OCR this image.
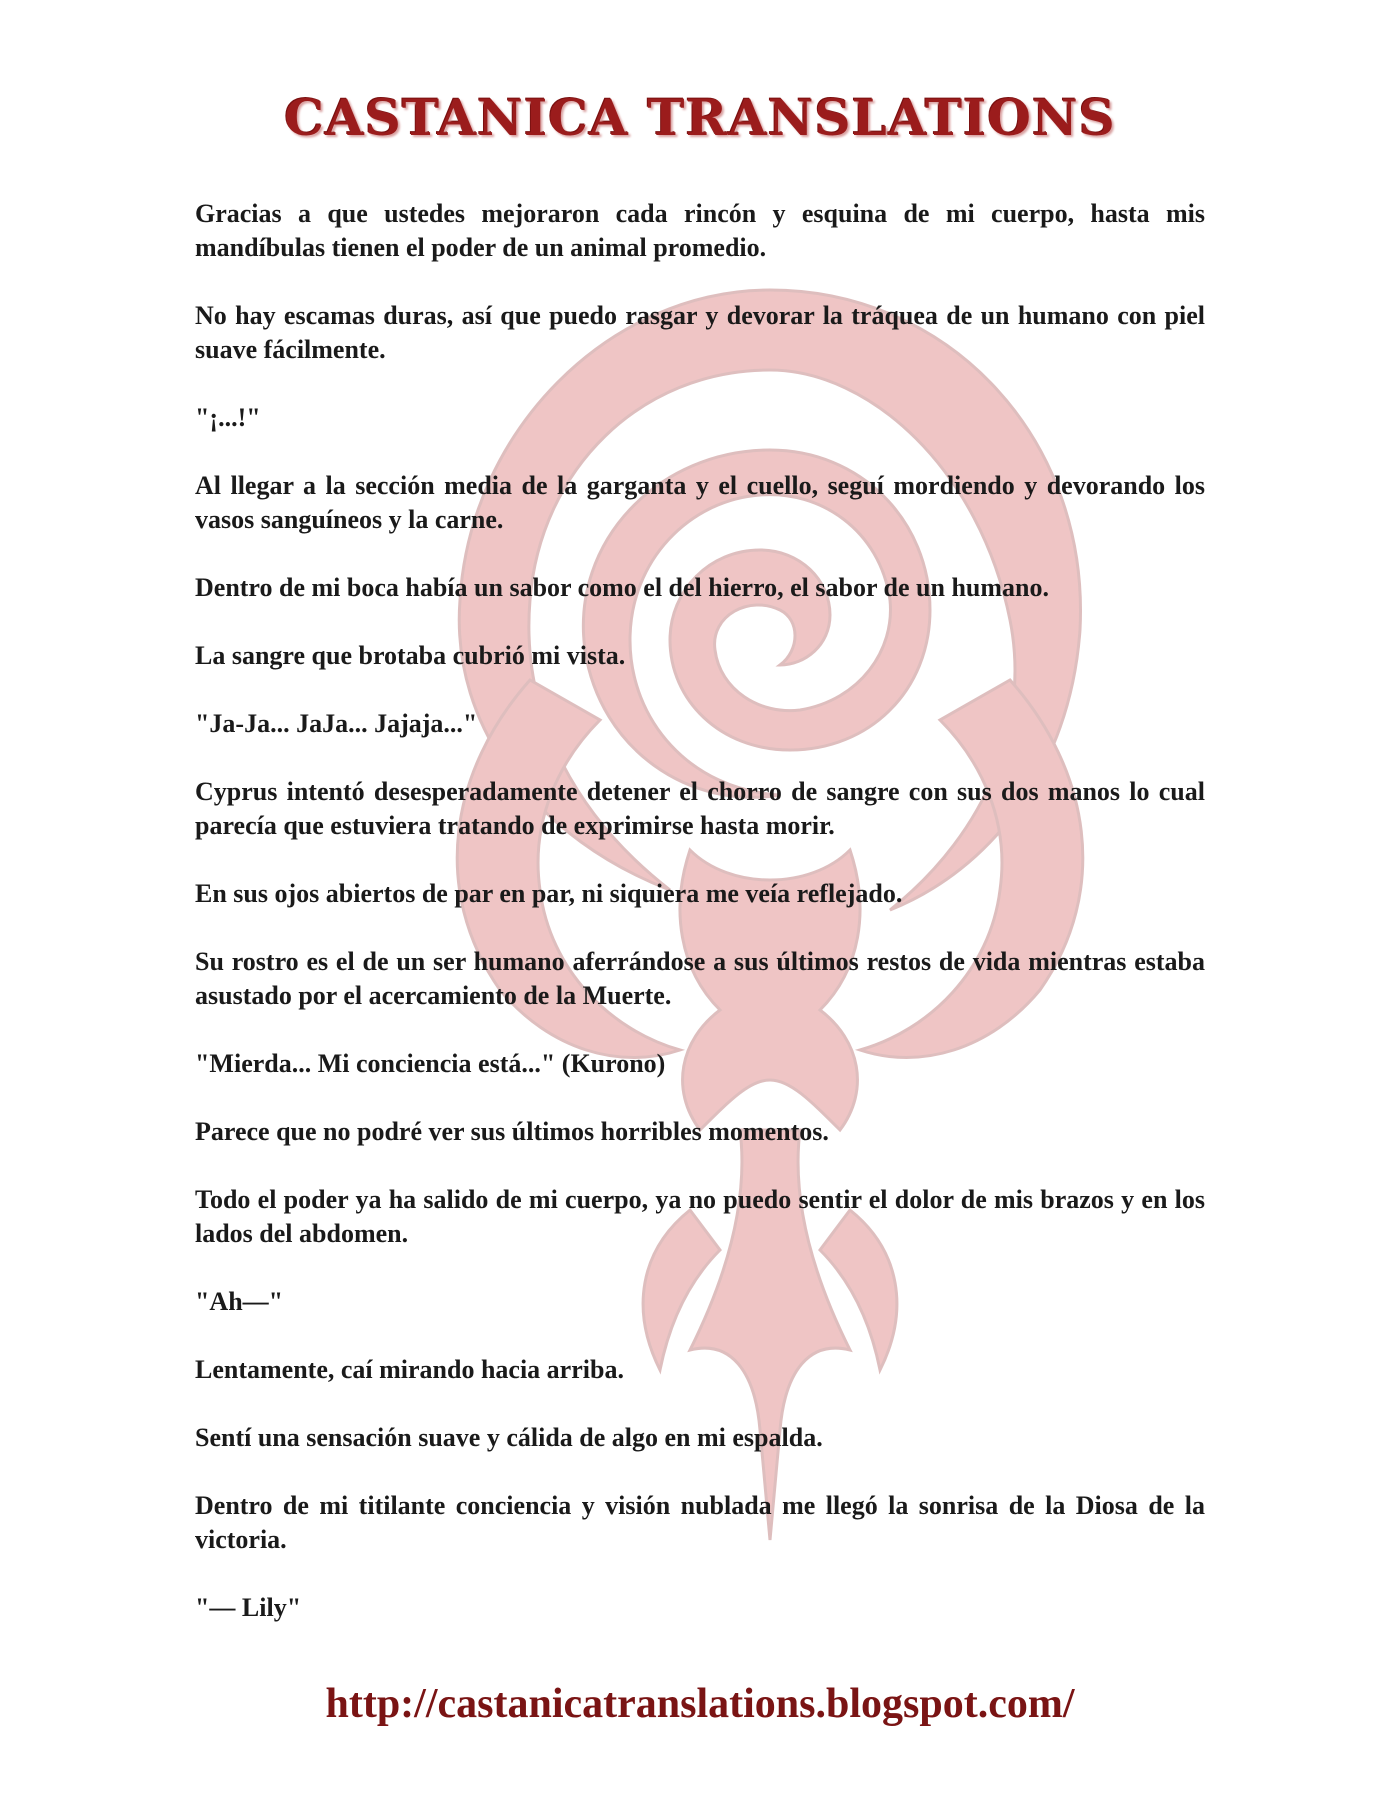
CASTANICA TRANSLATIONS

Gracias a que ustedes mejoraron cada rincón y esquina de mi cuerpo, hasta mis mandíbulas tienen el poder de un animal promedio.

No hay escamas duras, así que puedo rasgar y devorar la tráquea de un humano con piel suave fácilmente.

"¡...!"

Al llegar a la sección media de la garganta y el cuello, seguí mordiendo y devorando los vasos sanguíneos y la carne.

Dentro de mi boca había un sabor como el del hierro, el sabor de un humano.

La sangre que brotaba cubrió mi vista.

"Ja-Ja... JaJa... Jajaja..."

Cyprus intentó desesperadamente detener el chorro de sangre con sus dos manos lo cual parecía que estuviera tratando de exprimirse hasta morir.

En sus ojos abiertos de par en par, ni siquiera me veía reflejado.

Su rostro es el de un ser humano aferrándose a sus últimos restos de vida mientras estaba asustado por el acercamiento de la Muerte.

"Mierda... Mi conciencia está..." (Kurono)

Parece que no podré ver sus últimos horribles momentos.

Todo el poder ya ha salido de mi cuerpo, ya no puedo sentir el dolor de mis brazos y en los lados del abdomen.

"Ah—"

Lentamente, caí mirando hacia arriba.

Sentí una sensación suave y cálida de algo en mi espalda.

Dentro de mi titilante conciencia y visión nublada me llegó la sonrisa de la Diosa de la victoria.

"— Lily"

http://castanicatranslations.blogspot.com/
